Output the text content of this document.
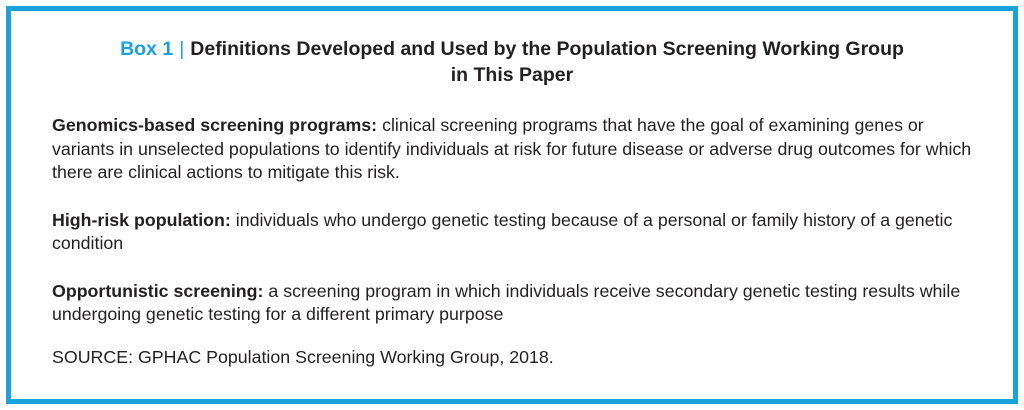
Box 1 | Definitions Developed and Used by the Population Screening Working Group
in This Paper

Genomics-based screening programs: clinical screening programs that have the goal of examining genes or variants in unselected populations to identify individuals at risk for future disease or adverse drug outcomes for which there are clinical actions to mitigate this risk.

High-risk population: individuals who undergo genetic testing because of a personal or family history of a genetic condition

Opportunistic screening: a screening program in which individuals receive secondary genetic testing results while undergoing genetic testing for a different primary purpose

SOURCE: GPHAC Population Screening Working Group, 2018.
